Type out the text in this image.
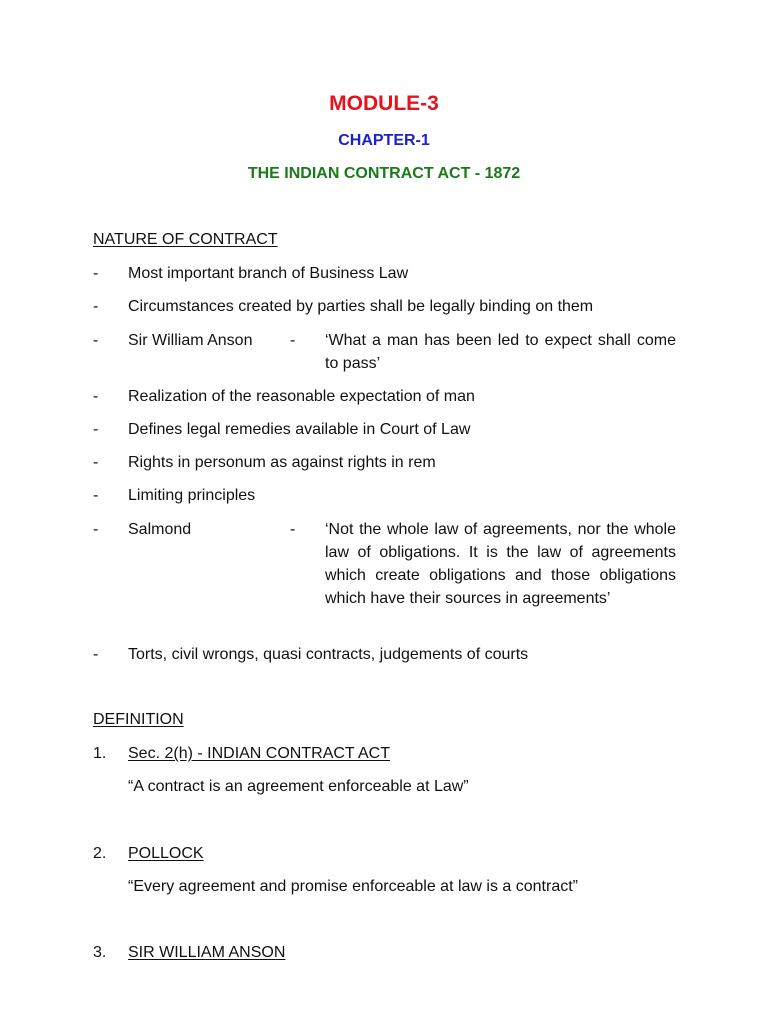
MODULE-3
CHAPTER-1
THE INDIAN CONTRACT ACT - 1872
NATURE OF CONTRACT
- Most important branch of Business Law
- Circumstances created by parties shall be legally binding on them
- Sir William Anson - ‘What a man has been led to expect shall come to pass’
- Realization of the reasonable expectation of man
- Defines legal remedies available in Court of Law
- Rights in personum as against rights in rem
- Limiting principles
- Salmond	- ‘Not the whole law of agreements, nor the whole law of obligations. It is the law of agreements which create obligations and those obligations which have their sources in agreements’
- Torts, civil wrongs, quasi contracts, judgements of courts
DEFINITION
1. Sec. 2(h) - INDIAN CONTRACT ACT
“A contract is an agreement enforceable at Law”
2. POLLOCK
“Every agreement and promise enforceable at law is a contract”
3. SIR WILLIAM ANSON
